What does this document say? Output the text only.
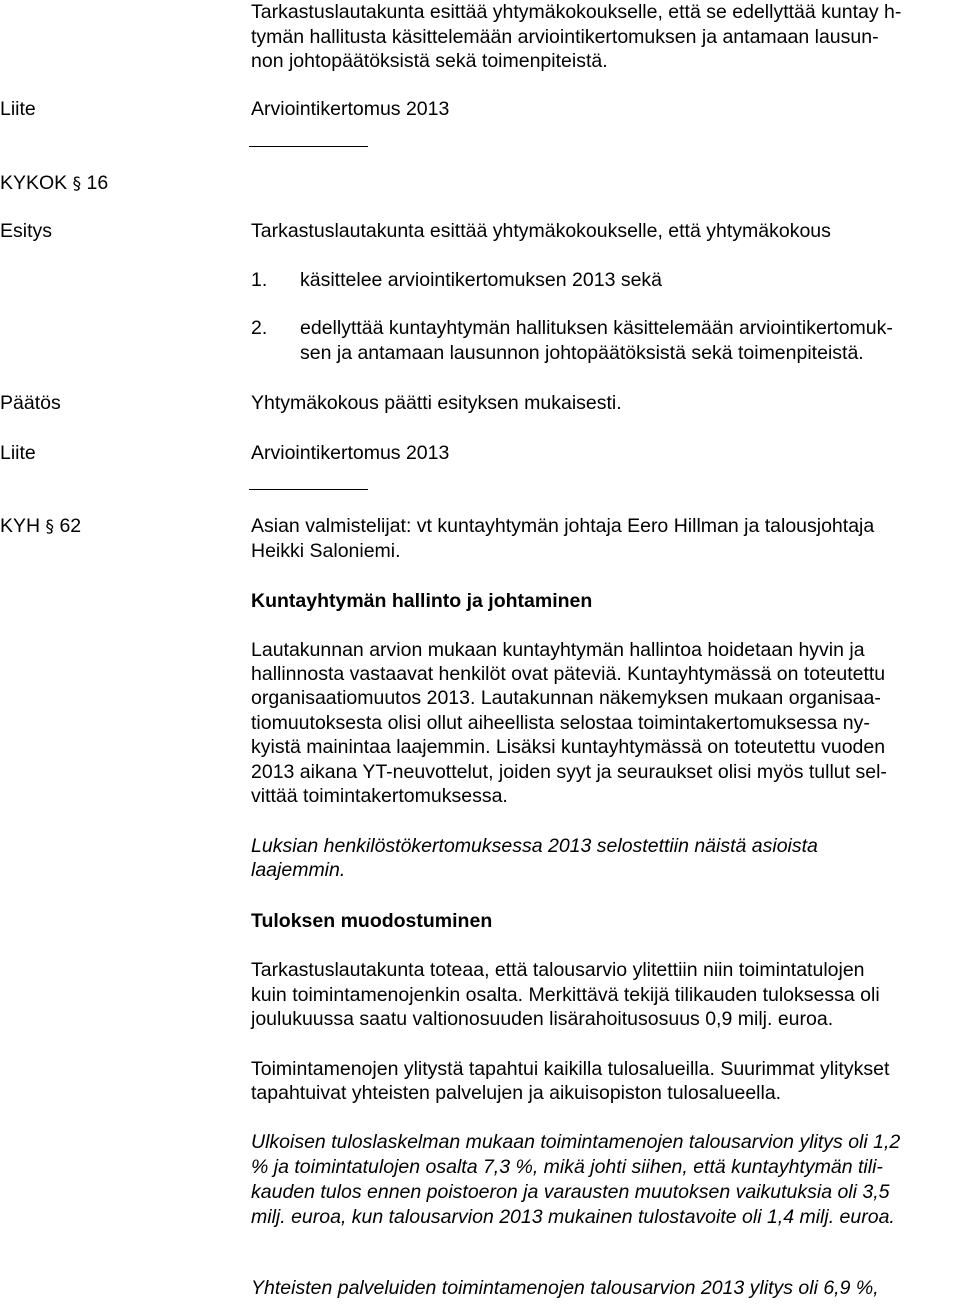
Tarkastuslautakunta esittää yhtymäkokoukselle, että se edellyttää kuntay h-
tymän hallitusta käsittelemään arviointikertomuksen ja antamaan lausun-
non johtopäätöksistä sekä toimenpiteistä.
Liite	Arviointikertomus 2013
KYKOK § 16
Esitys	Tarkastuslautakunta esittää yhtymäkokoukselle, että yhtymäkokous
1. käsittelee arviointikertomuksen 2013 sekä
2. edellyttää kuntayhtymän hallituksen käsittelemään arviointikertomuk-
sen ja antamaan lausunnon johtopäätöksistä sekä toimenpiteistä.
Päätös	Yhtymäkokous päätti esityksen mukaisesti.
Liite	Arviointikertomus 2013
KYH § 62	Asian valmistelijat: vt kuntayhtymän johtaja Eero Hillman ja talousjohtaja
Heikki Saloniemi.
Kuntayhtymän hallinto ja johtaminen
Lautakunnan arvion mukaan kuntayhtymän hallintoa hoidetaan hyvin ja
hallinnosta vastaavat henkilöt ovat päteviä. Kuntayhtymässä on toteutettu
organisaatiomuutos 2013. Lautakunnan näkemyksen mukaan organisaa-
tiomuutoksesta olisi ollut aiheellista selostaa toimintakertomuksessa ny-
kyistä mainintaa laajemmin. Lisäksi kuntayhtymässä on toteutettu vuoden
2013 aikana YT-neuvottelut, joiden syyt ja seuraukset olisi myös tullut sel-
vittää toimintakertomuksessa.
Luksian henkilöstökertomuksessa 2013 selostettiin näistä asioista
laajemmin.
Tuloksen muodostuminen
Tarkastuslautakunta toteaa, että talousarvio ylitettiin niin toimintatulojen
kuin toimintamenojenkin osalta. Merkittävä tekijä tilikauden tuloksessa oli
joulukuussa saatu valtionosuuden lisärahoitusosuus 0,9 milj. euroa.
Toimintamenojen ylitystä tapahtui kaikilla tulosalueilla. Suurimmat ylitykset
tapahtuivat yhteisten palvelujen ja aikuisopiston tulosalueella.
Ulkoisen tuloslaskelman mukaan toimintamenojen talousarvion ylitys oli 1,2
% ja toimintatulojen osalta 7,3 %, mikä johti siihen, että kuntayhtymän tili-
kauden tulos ennen poistoeron ja varausten muutoksen vaikutuksia oli 3,5
milj. euroa, kun talousarvion 2013 mukainen tulostavoite oli 1,4 milj. euroa.
Yhteisten palveluiden toimintamenojen talousarvion 2013 ylitys oli 6,9 %,
